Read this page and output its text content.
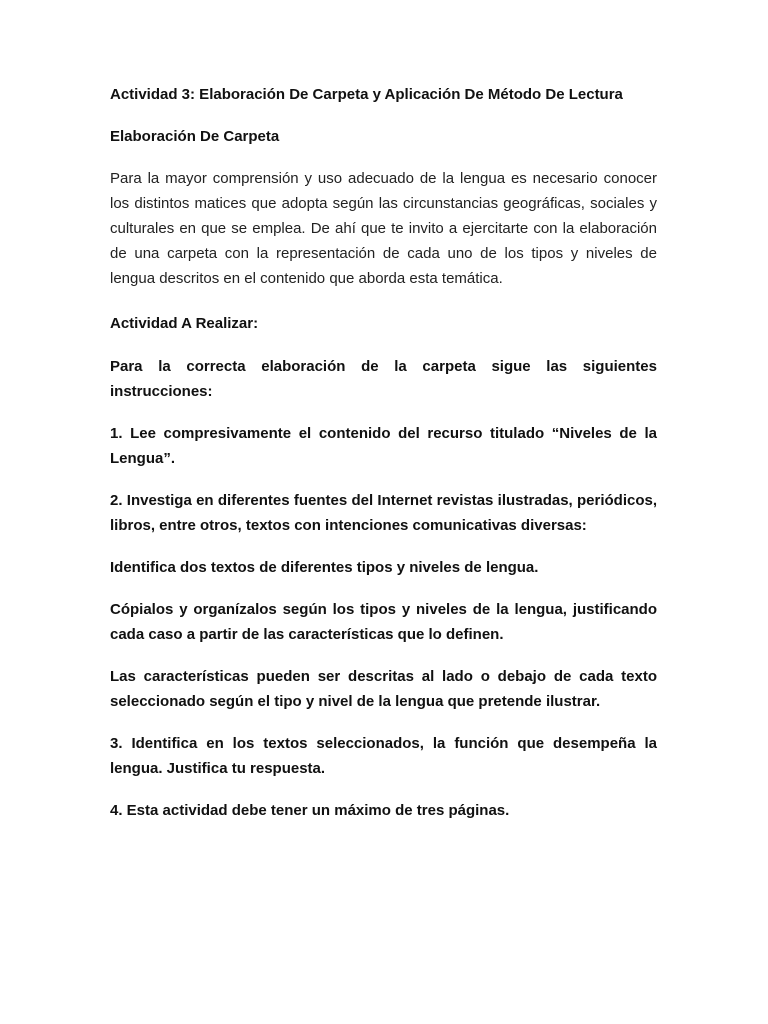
Actividad 3: Elaboración De Carpeta y Aplicación De Método De Lectura

Elaboración De Carpeta

Para la mayor comprensión y uso adecuado de la lengua es necesario conocer los distintos matices que adopta según las circunstancias geográficas, sociales y culturales en que se emplea. De ahí que te invito a ejercitarte con la elaboración de una carpeta con la representación de cada uno de los tipos y niveles de lengua descritos en el contenido que aborda esta temática.

Actividad A Realizar:

Para la correcta elaboración de la carpeta sigue las siguientes instrucciones:

1. Lee compresivamente el contenido del recurso titulado “Niveles de la Lengua”.

2. Investiga en diferentes fuentes del Internet revistas ilustradas, periódicos, libros, entre otros, textos con intenciones comunicativas diversas:

Identifica dos textos de diferentes tipos y niveles de lengua.

Cópialos y organízalos según los tipos y niveles de la lengua, justificando cada caso a partir de las características que lo definen.

Las características pueden ser descritas al lado o debajo de cada texto seleccionado según el tipo y nivel de la lengua que pretende ilustrar.

3. Identifica en los textos seleccionados, la función que desempeña la lengua. Justifica tu respuesta.

4. Esta actividad debe tener un máximo de tres páginas.
